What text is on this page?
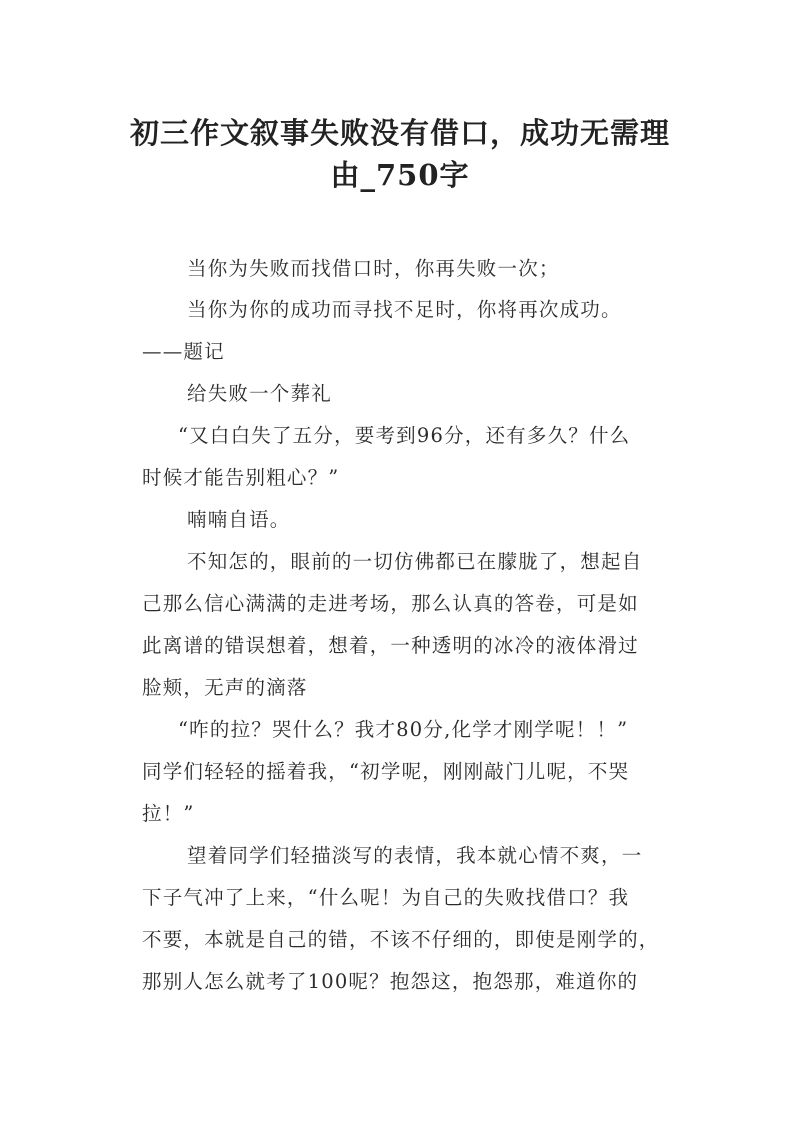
初三作文叙事失败没有借口，成功无需理
由_750字
当你为失败而找借口时，你再失败一次；
当你为你的成功而寻找不足时，你将再次成功。
——题记
给失败一个葬礼
“又白白失了五分，要考到96分，还有多久？什么
时候才能告别粗心？”
喃喃自语。
不知怎的，眼前的一切仿佛都已在朦胧了，想起自
己那么信心满满的走进考场，那么认真的答卷，可是如
此离谱的错误想着，想着，一种透明的冰冷的液体滑过
脸颊，无声的滴落
“咋的拉？哭什么？我才80分,化学才刚学呢！！”
同学们轻轻的摇着我，“初学呢，刚刚敲门儿呢，不哭
拉！”
望着同学们轻描淡写的表情，我本就心情不爽，一
下子气冲了上来，“什么呢！为自己的失败找借口？我
不要，本就是自己的错，不该不仔细的，即使是刚学的，
那别人怎么就考了100呢？抱怨这，抱怨那，难道你的
